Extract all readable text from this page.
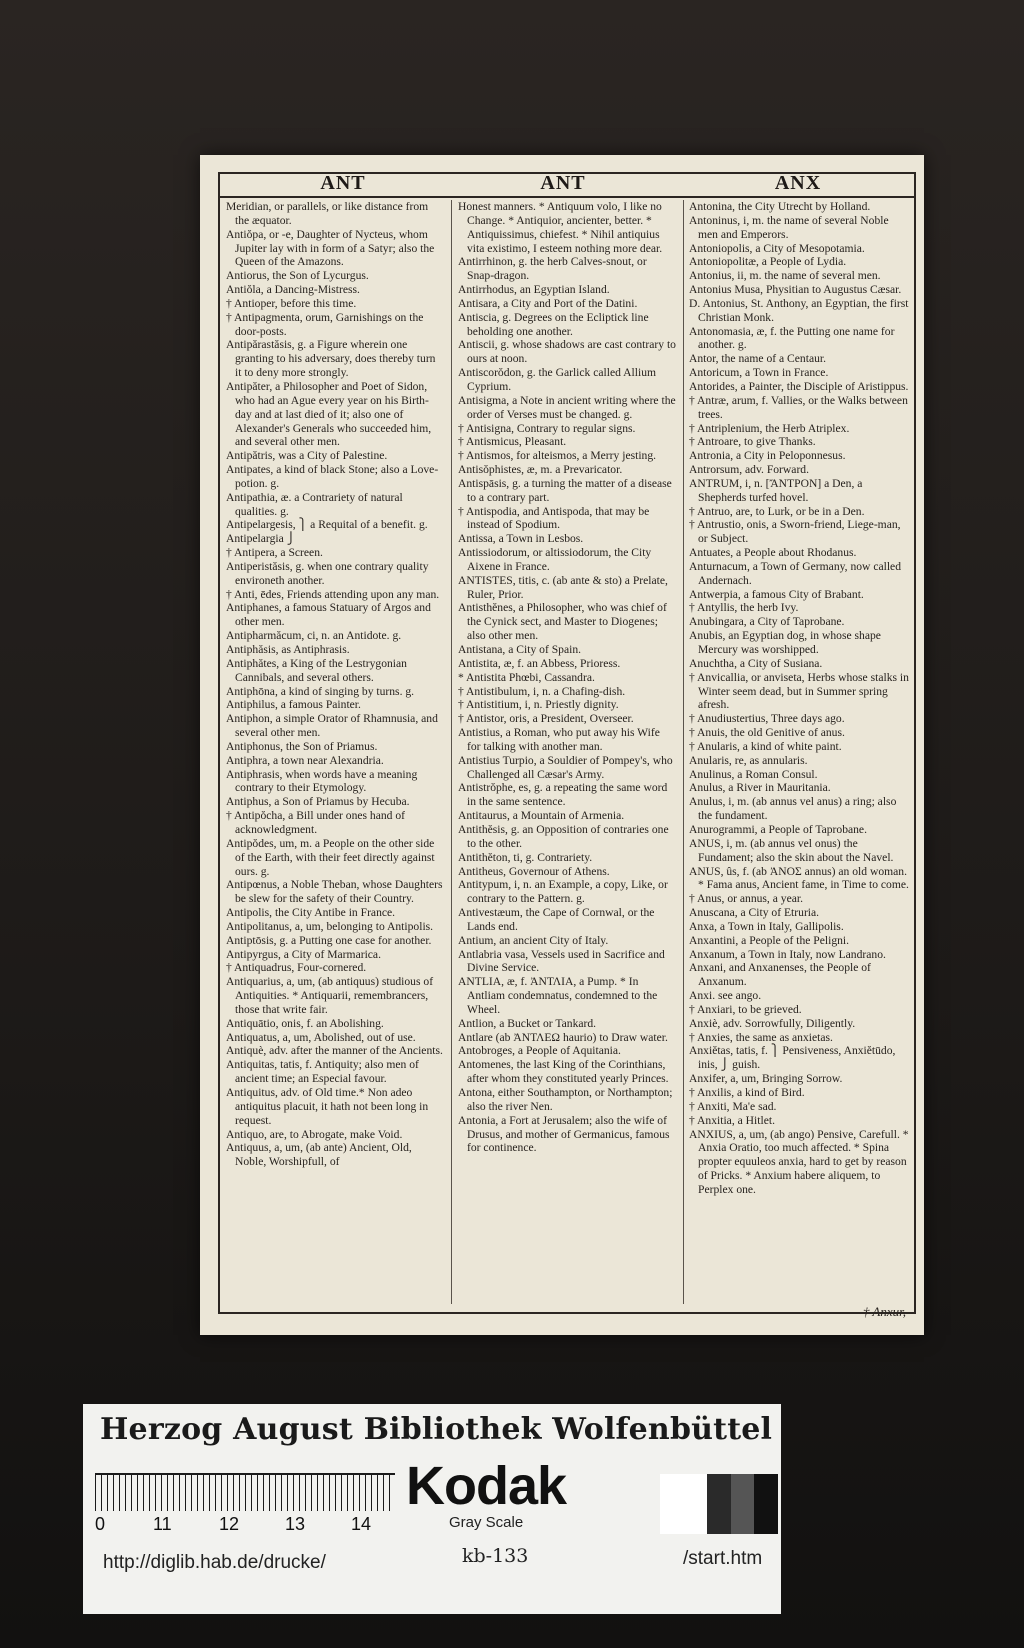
ANT	ANT	ANX

Meridian, or parallels, or like distance from the æquator.

Antiŏpa, or -e, Daughter of Nycteus, whom Jupiter lay with in form of a Satyr; also the Queen of the Amazons.

Antiorus, the Son of Lycurgus.

Antiŏla, a Dancing-Mistress.

† Antioper, before this time.

† Antipagmenta, orum, Garnishings on the door-posts.

Antipărastăsis, g. a Figure wherein one granting to his adversary, does thereby turn it to deny more strongly.

Antipăter, a Philosopher and Poet of Sidon, who had an Ague every year on his Birth-day and at last died of it; also one of Alexander's Generals who succeeded him, and several other men.

Antipătris, was a City of Palestine.

Antipates, a kind of black Stone; also a Love-potion. g.

Antipathia, æ. a Contrariety of natural qualities. g.

Antipelargesis, ⎫ a Requital of a benefit. g.

Antipelargia ⎭

† Antipera, a Screen.

Antiperistăsis, g. when one contrary quality environeth another.

† Anti, ēdes, Friends attending upon any man.

Antiphanes, a famous Statuary of Argos and other men.

Antipharmăcum, ci, n. an Antidote. g.

Antiphăsis, as Antiphrasis.

Antiphătes, a King of the Lestrygonian Cannibals, and several others.

Antiphōna, a kind of singing by turns. g.

Antiphilus, a famous Painter.

Antiphon, a simple Orator of Rhamnusia, and several other men.

Antiphonus, the Son of Priamus.

Antiphra, a town near Alexandria.

Antiphrasis, when words have a meaning contrary to their Etymology.

Antiphus, a Son of Priamus by Hecuba.

† Antipŏcha, a Bill under ones hand of acknowledgment.

Antipŏdes, um, m. a People on the other side of the Earth, with their feet directly against ours. g.

Antipœnus, a Noble Theban, whose Daughters be slew for the safety of their Country.

Antipolis, the City Antibe in France.

Antipolitanus, a, um, belonging to Antipolis.

Antiptōsis, g. a Putting one case for another.

Antipyrgus, a City of Marmarica.

† Antiquadrus, Four-cornered.

Antiquarius, a, um, (ab antiquus) studious of Antiquities. * Antiquarii, remembrancers, those that write fair.

Antiquātio, onis, f. an Abolishing.

Antiquatus, a, um, Abolished, out of use.

Antiquè, adv. after the manner of the Ancients.

Antiquitas, tatis, f. Antiquity; also men of ancient time; an Especial favour.

Antiquitus, adv. of Old time.* Non adeo antiquitus placuit, it hath not been long in request.

Antiquo, are, to Abrogate, make Void.

Antiquus, a, um, (ab ante) Ancient, Old, Noble, Worshipfull, of

Honest manners. * Antiquum volo, I like no Change. * Antiquior, ancienter, better. * Antiquissimus, chiefest. * Nihil antiquius vita existimo, I esteem nothing more dear.

Antirrhinon, g. the herb Calves-snout, or Snap-dragon.

Antirrhodus, an Egyptian Island.

Antisara, a City and Port of the Datini.

Antiscia, g. Degrees on the Ecliptick line beholding one another.

Antiscii, g. whose shadows are cast contrary to ours at noon.

Antiscorŏdon, g. the Garlick called Allium Cyprium.

Antisigma, a Note in ancient writing where the order of Verses must be changed. g.

† Antisigna, Contrary to regular signs.

† Antismicus, Pleasant.

† Antismos, for alteismos, a Merry jesting.

Antisŏphistes, æ, m. a Prevaricator.

Antispāsis, g. a turning the matter of a disease to a contrary part.

† Antispodia, and Antispoda, that may be instead of Spodium.

Antissa, a Town in Lesbos.

Antissiodorum, or altissiodorum, the City Aixene in France.

ANTISTES, titis, c. (ab ante & sto) a Prelate, Ruler, Prior.

Antisthĕnes, a Philosopher, who was chief of the Cynick sect, and Master to Diogenes; also other men.

Antistana, a City of Spain.

Antistita, æ, f. an Abbess, Prioress.

* Antistita Phœbi, Cassandra.

† Antistibulum, i, n. a Chafing-dish.

† Antistitium, i, n. Priestly dignity.

† Antistor, oris, a President, Overseer.

Antistius, a Roman, who put away his Wife for talking with another man.

Antistius Turpio, a Souldier of Pompey's, who Challenged all Cæsar's Army.

Antistrŏphe, es, g. a repeating the same word in the same sentence.

Antitaurus, a Mountain of Armenia.

Antithĕsis, g. an Opposition of contraries one to the other.

Antithĕton, ti, g. Contrariety.

Antitheus, Governour of Athens.

Antitypum, i, n. an Example, a copy, Like, or contrary to the Pattern. g.

Antivestæum, the Cape of Cornwal, or the Lands end.

Antium, an ancient City of Italy.

Antlabria vasa, Vessels used in Sacrifice and Divine Service.

ANTLIA, æ, f. ἈΝΤΛΙΑ, a Pump. * In Antliam condemnatus, condemned to the Wheel.

Antlion, a Bucket or Tankard.

Antlare (ab ἈΝΤΛΕΩ haurio) to Draw water.

Antobroges, a People of Aquitania.

Antomenes, the last King of the Corinthians, after whom they constituted yearly Princes.

Antona, either Southampton, or Northampton; also the river Nen.

Antonia, a Fort at Jerusalem; also the wife of Drusus, and mother of Germanicus, famous for continence.

Antonina, the City Utrecht by Holland.

Antoninus, i, m. the name of several Noble men and Emperors.

Antoniopolis, a City of Mesopotamia.

Antoniopolitæ, a People of Lydia.

Antonius, ii, m. the name of several men.

Antonius Musa, Physitian to Augustus Cæsar.

D. Antonius, St. Anthony, an Egyptian, the first Christian Monk.

Antonomasia, æ, f. the Putting one name for another. g.

Antor, the name of a Centaur.

Antoricum, a Town in France.

Antorides, a Painter, the Disciple of Aristippus.

† Antræ, arum, f. Vallies, or the Walks between trees.

† Antriplenium, the Herb Atriplex.

† Antroare, to give Thanks.

Antronia, a City in Peloponnesus.

Antrorsum, adv. Forward.

ANTRUM, i, n. [ἌΝΤΡΟΝ] a Den, a Shepherds turfed hovel.

† Antruo, are, to Lurk, or be in a Den.

† Antrustio, onis, a Sworn-friend, Liege-man, or Subject.

Antuates, a People about Rhodanus.

Anturnacum, a Town of Germany, now called Andernach.

Antwerpia, a famous City of Brabant.

† Antyllis, the herb Ivy.

Anubingara, a City of Taprobane.

Anubis, an Egyptian dog, in whose shape Mercury was worshipped.

Anuchtha, a City of Susiana.

† Anvicallia, or anviseta, Herbs whose stalks in Winter seem dead, but in Summer spring afresh.

† Anudiustertius, Three days ago.

† Anuis, the old Genitive of anus.

† Anularis, a kind of white paint.

Anularis, re, as annularis.

Anulinus, a Roman Consul.

Anulus, a River in Mauritania.

Anulus, i, m. (ab annus vel anus) a ring; also the fundament.

Anurogrammi, a People of Taprobane.

ANUS, i, m. (ab annus vel onus) the Fundament; also the skin about the Navel.

ANUS, ûs, f. (ab ἈΝΟΣ annus) an old woman. * Fama anus, Ancient fame, in Time to come.

† Anus, or annus, a year.

Anuscana, a City of Etruria.

Anxa, a Town in Italy, Gallipolis.

Anxantini, a People of the Peligni.

Anxanum, a Town in Italy, now Landrano.

Anxani, and Anxanenses, the People of Anxanum.

Anxi. see ango.

† Anxiari, to be grieved.

Anxiè, adv. Sorrowfully, Diligently.

† Anxies, the same as anxietas.

Anxiĕtas, tatis, f. ⎫ Pensiveness, Anxiĕtūdo, inis, ⎭ guish.

Anxifer, a, um, Bringing Sorrow.

† Anxilis, a kind of Bird.

† Anxiti, Ma'e sad.

† Anxitia, a Hitlet.

ANXIUS, a, um, (ab ango) Pensive, Carefull. * Anxia Oratio, too much affected. * Spina propter equuleos anxia, hard to get by reason of Pricks. * Anxium habere aliquem, to Perplex one.

† Anxur,
Herzog August Bibliothek Wolfenbüttel
0	11	12	13	14
Kodak
Gray Scale
http://diglib.hab.de/drucke/	kb-133	/start.htm
